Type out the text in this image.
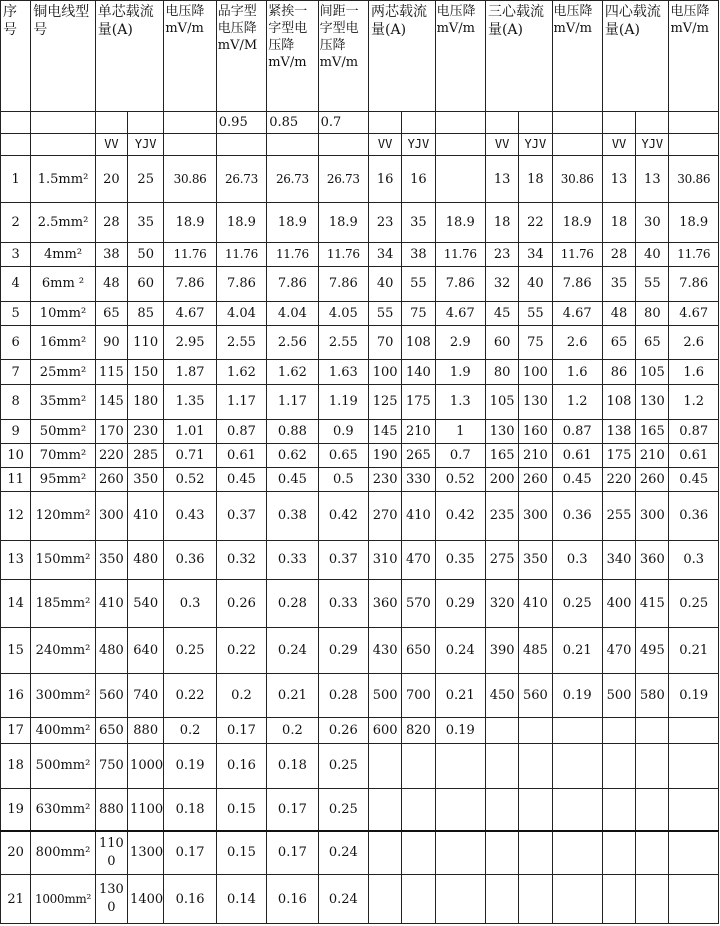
序号	铜电线型号	单芯载流量(A)		电压降mV/m	品字型电压降mV/M	紧挨一字型电压降mV/m	间距一字型电压降mV/m	两芯载流量(A)		电压降mV/m	三心载流量(A)		电压降mV/m	四心载流量(A)		电压降mV/m
					0.95	0.85	0.7									
		VV	YJV					VV	YJV		VV	YJV		VV	YJV	
1	1.5mm²	20	25	30.86	26.73	26.73	26.73	16	16		13	18	30.86	13	13	30.86
2	2.5mm²	28	35	18.9	18.9	18.9	18.9	23	35	18.9	18	22	18.9	18	30	18.9
3	4mm²	38	50	11.76	11.76	11.76	11.76	34	38	11.76	23	34	11.76	28	40	11.76
4	6mm ²	48	60	7.86	7.86	7.86	7.86	40	55	7.86	32	40	7.86	35	55	7.86
5	10mm²	65	85	4.67	4.04	4.04	4.05	55	75	4.67	45	55	4.67	48	80	4.67
6	16mm²	90	110	2.95	2.55	2.56	2.55	70	108	2.9	60	75	2.6	65	65	2.6
7	25mm²	115	150	1.87	1.62	1.62	1.63	100	140	1.9	80	100	1.6	86	105	1.6
8	35mm²	145	180	1.35	1.17	1.17	1.19	125	175	1.3	105	130	1.2	108	130	1.2
9	50mm²	170	230	1.01	0.87	0.88	0.9	145	210	1	130	160	0.87	138	165	0.87
10	70mm²	220	285	0.71	0.61	0.62	0.65	190	265	0.7	165	210	0.61	175	210	0.61
11	95mm²	260	350	0.52	0.45	0.45	0.5	230	330	0.52	200	260	0.45	220	260	0.45
12	120mm²	300	410	0.43	0.37	0.38	0.42	270	410	0.42	235	300	0.36	255	300	0.36
13	150mm²	350	480	0.36	0.32	0.33	0.37	310	470	0.35	275	350	0.3	340	360	0.3
14	185mm²	410	540	0.3	0.26	0.28	0.33	360	570	0.29	320	410	0.25	400	415	0.25
15	240mm²	480	640	0.25	0.22	0.24	0.29	430	650	0.24	390	485	0.21	470	495	0.21
16	300mm²	560	740	0.22	0.2	0.21	0.28	500	700	0.21	450	560	0.19	500	580	0.19
17	400mm²	650	880	0.2	0.17	0.2	0.26	600	820	0.19						
18	500mm²	750	1000	0.19	0.16	0.18	0.25									
19	630mm²	880	1100	0.18	0.15	0.17	0.25									
20	800mm²	1100	1300	0.17	0.15	0.17	0.24									
21	1000mm²	1300	1400	0.16	0.14	0.16	0.24									
